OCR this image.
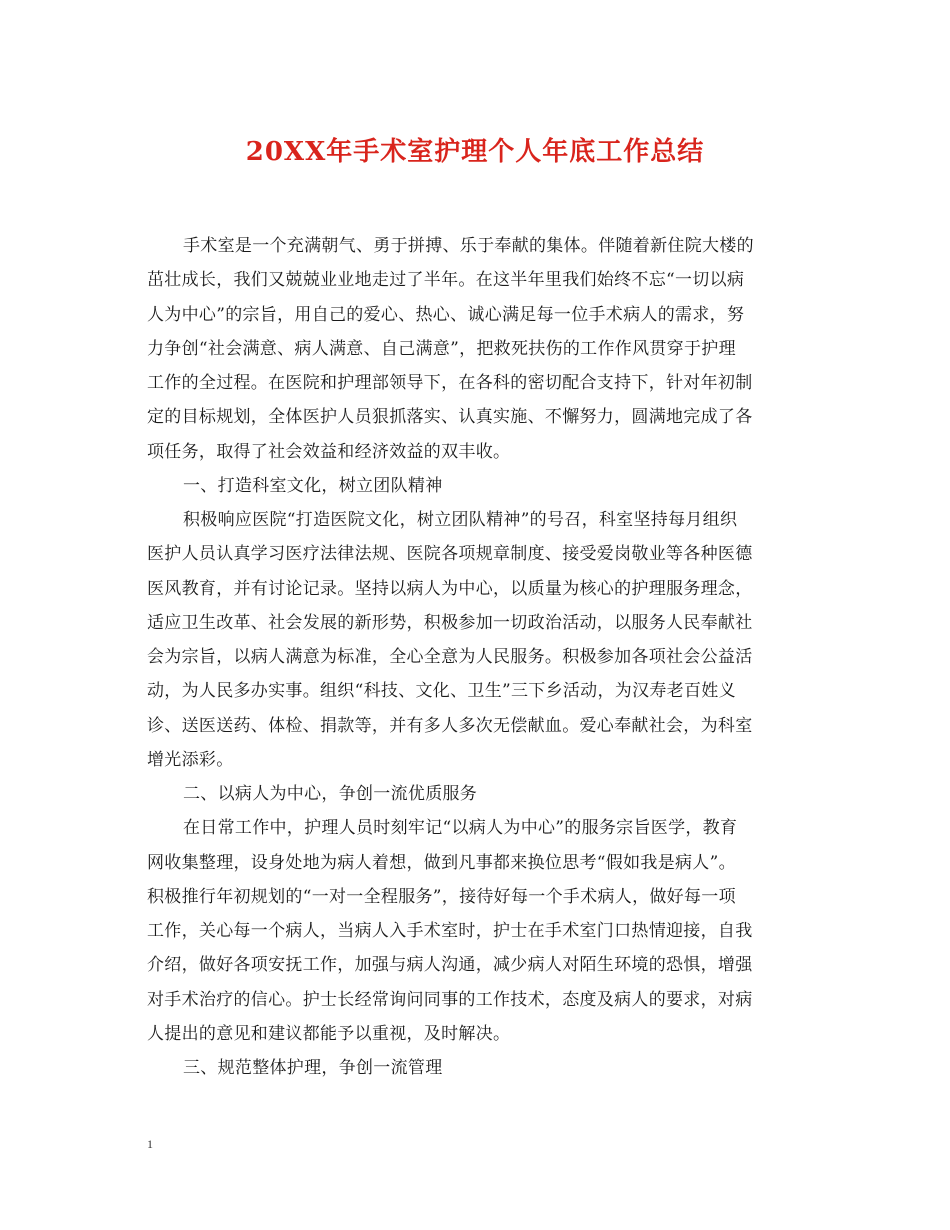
20XX年手术室护理个人年底工作总结
手术室是一个充满朝气、勇于拼搏、乐于奉献的集体。伴随着新住院大楼的
茁壮成长，我们又兢兢业业地走过了半年。在这半年里我们始终不忘“一切以病
人为中心”的宗旨，用自己的爱心、热心、诚心满足每一位手术病人的需求，努
力争创“社会满意、病人满意、自己满意”，把救死扶伤的工作作风贯穿于护理
工作的全过程。在医院和护理部领导下，在各科的密切配合支持下，针对年初制
定的目标规划，全体医护人员狠抓落实、认真实施、不懈努力，圆满地完成了各
项任务，取得了社会效益和经济效益的双丰收。
一、打造科室文化，树立团队精神
积极响应医院“打造医院文化，树立团队精神”的号召，科室坚持每月组织
医护人员认真学习医疗法律法规、医院各项规章制度、接受爱岗敬业等各种医德
医风教育，并有讨论记录。坚持以病人为中心，以质量为核心的护理服务理念，
适应卫生改革、社会发展的新形势，积极参加一切政治活动，以服务人民奉献社
会为宗旨，以病人满意为标准，全心全意为人民服务。积极参加各项社会公益活
动，为人民多办实事。组织“科技、文化、卫生”三下乡活动，为汉寿老百姓义
诊、送医送药、体检、捐款等，并有多人多次无偿献血。爱心奉献社会，为科室
增光添彩。
二、以病人为中心，争创一流优质服务
在日常工作中，护理人员时刻牢记“以病人为中心”的服务宗旨医学，教育
网收集整理，设身处地为病人着想，做到凡事都来换位思考“假如我是病人”。
积极推行年初规划的“一对一全程服务”，接待好每一个手术病人，做好每一项
工作，关心每一个病人，当病人入手术室时，护士在手术室门口热情迎接，自我
介绍，做好各项安抚工作，加强与病人沟通，减少病人对陌生环境的恐惧，增强
对手术治疗的信心。护士长经常询问同事的工作技术，态度及病人的要求，对病
人提出的意见和建议都能予以重视，及时解决。
三、规范整体护理，争创一流管理
1
